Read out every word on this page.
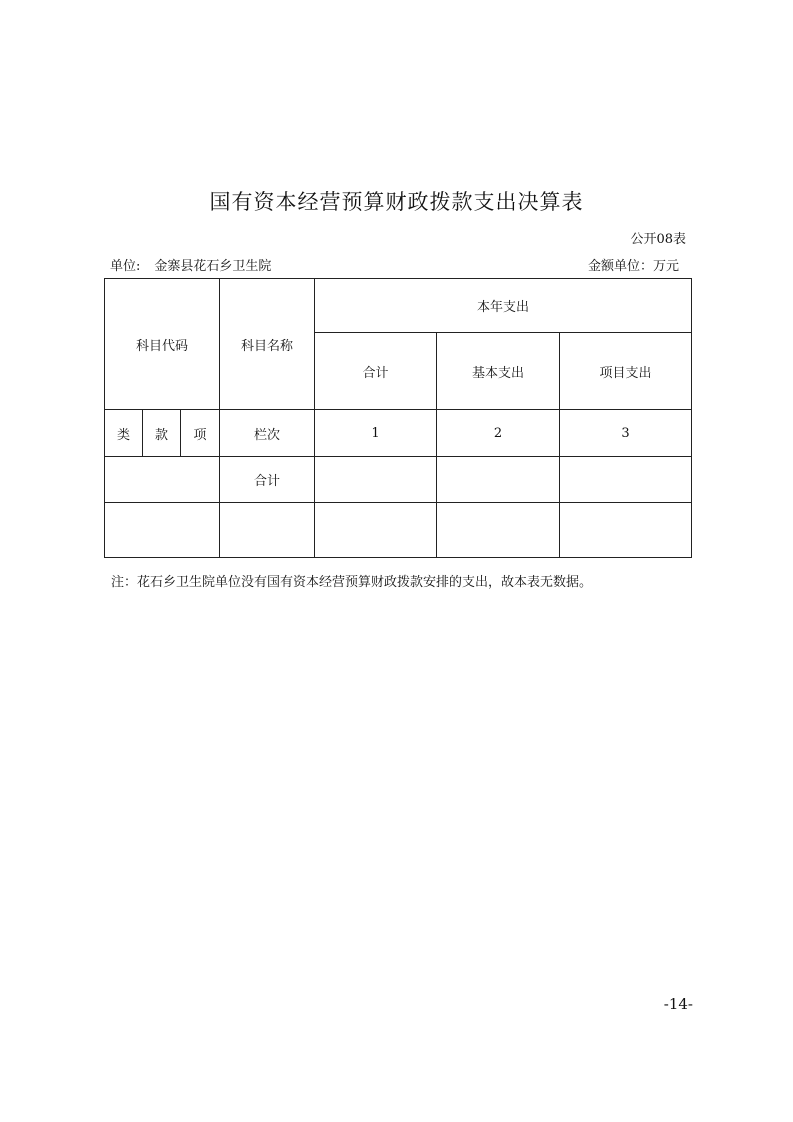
国有资本经营预算财政拨款支出决算表
公开08表
单位: 金寨县花石乡卫生院	金额单位：万元
科目代码			科目名称	本年支出		
				合计	基本支出	项目支出
类	款	项	栏次	1	2	3
			合计			

注：花石乡卫生院单位没有国有资本经营预算财政拨款安排的支出，故本表无数据。
-14-
